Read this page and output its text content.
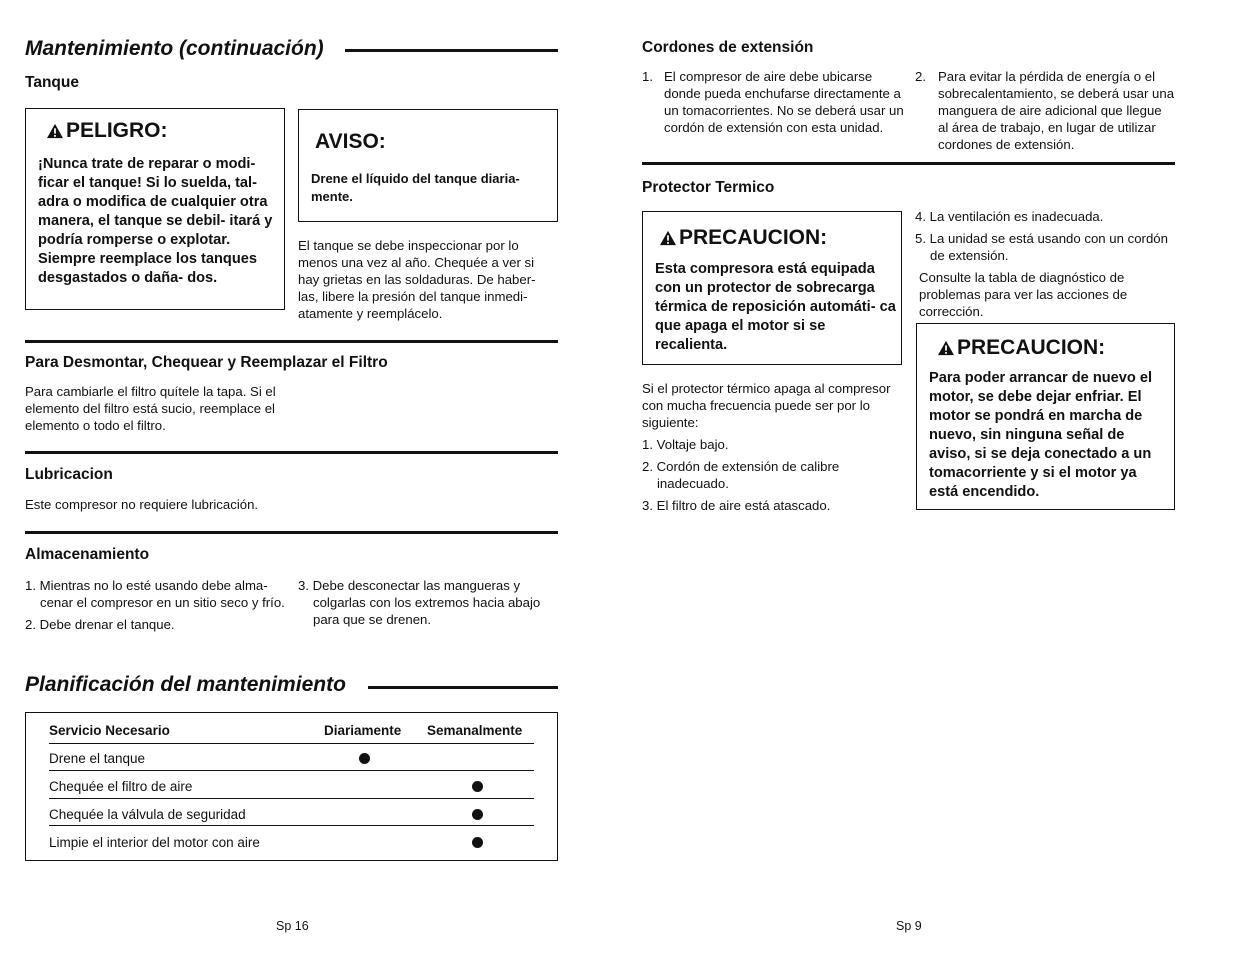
Mantenimiento (continuación)
Tanque
PELIGRO:
¡Nunca trate de reparar o modi- ficar el tanque! Si lo suelda, tal- adra o modifica de cualquier otra manera, el tanque se debil- itará y podría romperse o explotar. Siempre reemplace los tanques desgastados o daña- dos.
AVISO:
Drene el líquido del tanque diaria- mente.
El tanque se debe inspeccionar por lo menos una vez al año. Chequée a ver si hay grietas en las soldaduras. De haber- las, libere la presión del tanque inmedi- atamente y reemplácelo.
Para Desmontar, Chequear y Reemplazar el Filtro
Para cambiarle el filtro quítele la tapa. Si el elemento del filtro está sucio, reemplace el elemento o todo el filtro.
Lubricacion
Este compresor no requiere lubricación.
Almacenamiento
1. Mientras no lo esté usando debe alma- cenar el compresor en un sitio seco y frío.
2. Debe drenar el tanque.
3. Debe desconectar las mangueras y colgarlas con los extremos hacia abajo para que se drenen.
Planificación del mantenimiento
Servicio Necesario	Diariamente Semanalmente
Drene el tanque
Chequée el filtro de aire
Chequée la válvula de seguridad
Limpie el interior del motor con aire
Sp 16
Cordones de extensión
1. El compresor de aire debe ubicarse donde pueda enchufarse directamente a un tomacorrientes. No se deberá usar un cordón de extensión con esta unidad.
2. Para evitar la pérdida de energía o el sobrecalentamiento, se deberá usar una manguera de aire adicional que llegue al área de trabajo, en lugar de utilizar cordones de extensión.
Protector Termico
PRECAUCION:
Esta compresora está equipada con un protector de sobrecarga térmica de reposición automáti- ca que apaga el motor si se recalienta.
Si el protector térmico apaga al compresor con mucha frecuencia puede ser por lo siguiente:
1. Voltaje bajo.
2. Cordón de extensión de calibre inadecuado.
3. El filtro de aire está atascado.
4. La ventilación es inadecuada.
5. La unidad se está usando con un cordón de extensión.
Consulte la tabla de diagnóstico de problemas para ver las acciones de corrección.
PRECAUCION:
Para poder arrancar de nuevo el motor, se debe dejar enfriar. El motor se pondrá en marcha de nuevo, sin ninguna señal de aviso, si se deja conectado a un tomacorriente y si el motor ya está encendido.
Sp 9
